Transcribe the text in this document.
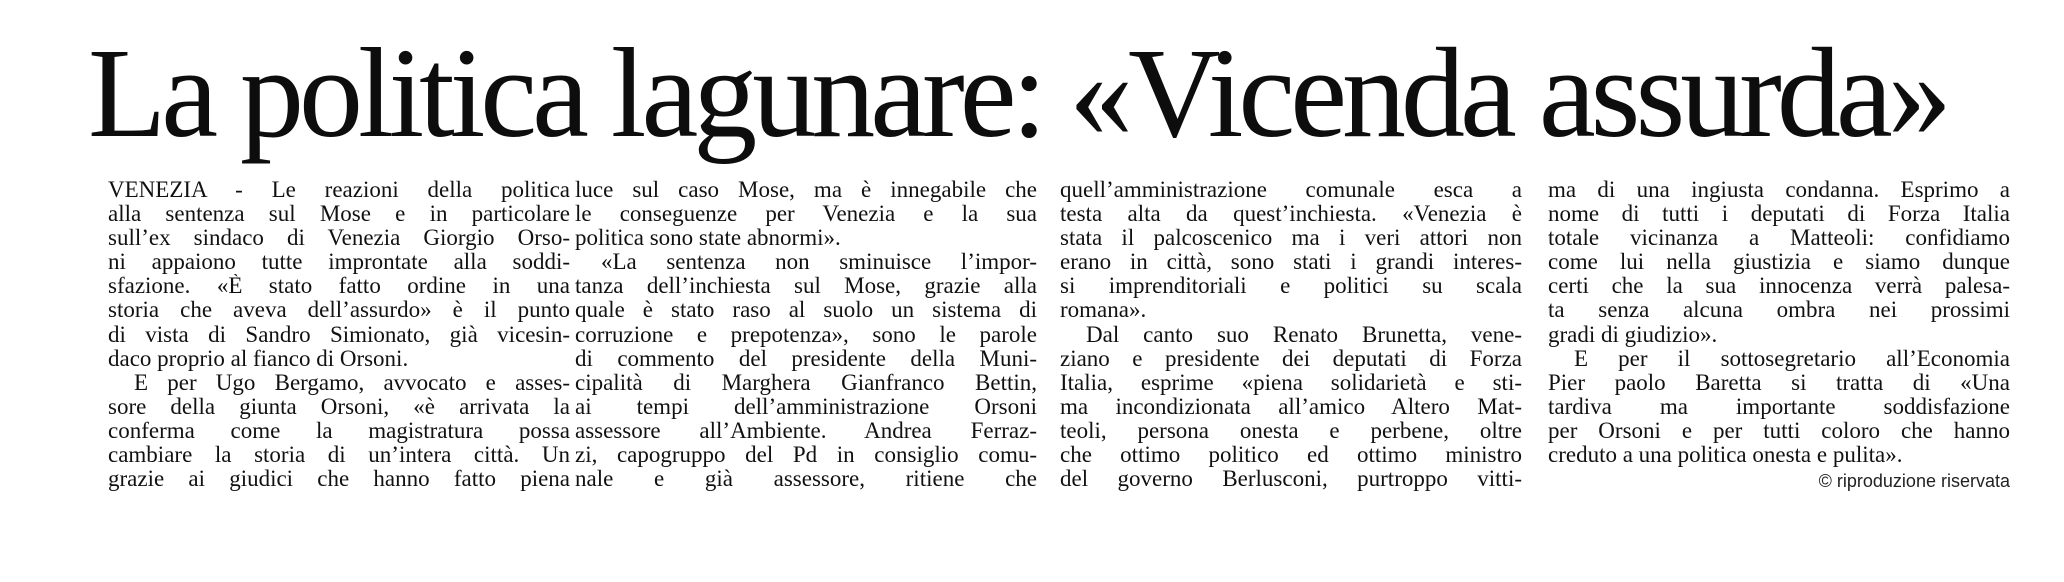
La politica lagunare: «Vicenda assurda»
VENEZIA - Le reazioni della politica
alla sentenza sul Mose e in particolare
sull’ex sindaco di Venezia Giorgio Orso-
ni appaiono tutte improntate alla soddi-
sfazione. «È stato fatto ordine in una
storia che aveva dell’assurdo» è il punto
di vista di Sandro Simionato, già vicesin-
daco proprio al fianco di Orsoni.
E per Ugo Bergamo, avvocato e asses-
sore della giunta Orsoni, «è arrivata la
conferma come la magistratura possa
cambiare la storia di un’intera città. Un
grazie ai giudici che hanno fatto piena
luce sul caso Mose, ma è innegabile che
le conseguenze per Venezia e la sua
politica sono state abnormi».
«La sentenza non sminuisce l’impor-
tanza dell’inchiesta sul Mose, grazie alla
quale è stato raso al suolo un sistema di
corruzione e prepotenza», sono le parole
di commento del presidente della Muni-
cipalità di Marghera Gianfranco Bettin,
ai tempi dell’amministrazione Orsoni
assessore all’Ambiente. Andrea Ferraz-
zi, capogruppo del Pd in consiglio comu-
nale e già assessore, ritiene che
quell’amministrazione comunale esca a
testa alta da quest’inchiesta. «Venezia è
stata il palcoscenico ma i veri attori non
erano in città, sono stati i grandi interes-
si imprenditoriali e politici su scala
romana».
Dal canto suo Renato Brunetta, vene-
ziano e presidente dei deputati di Forza
Italia, esprime «piena solidarietà e sti-
ma incondizionata all’amico Altero Mat-
teoli, persona onesta e perbene, oltre
che ottimo politico ed ottimo ministro
del governo Berlusconi, purtroppo vitti-
ma di una ingiusta condanna. Esprimo a
nome di tutti i deputati di Forza Italia
totale vicinanza a Matteoli: confidiamo
come lui nella giustizia e siamo dunque
certi che la sua innocenza verrà palesa-
ta senza alcuna ombra nei prossimi
gradi di giudizio».
E per il sottosegretario all’Economia
Pier paolo Baretta si tratta di «Una
tardiva ma importante soddisfazione
per Orsoni e per tutti coloro che hanno
creduto a una politica onesta e pulita».
© riproduzione riservata
